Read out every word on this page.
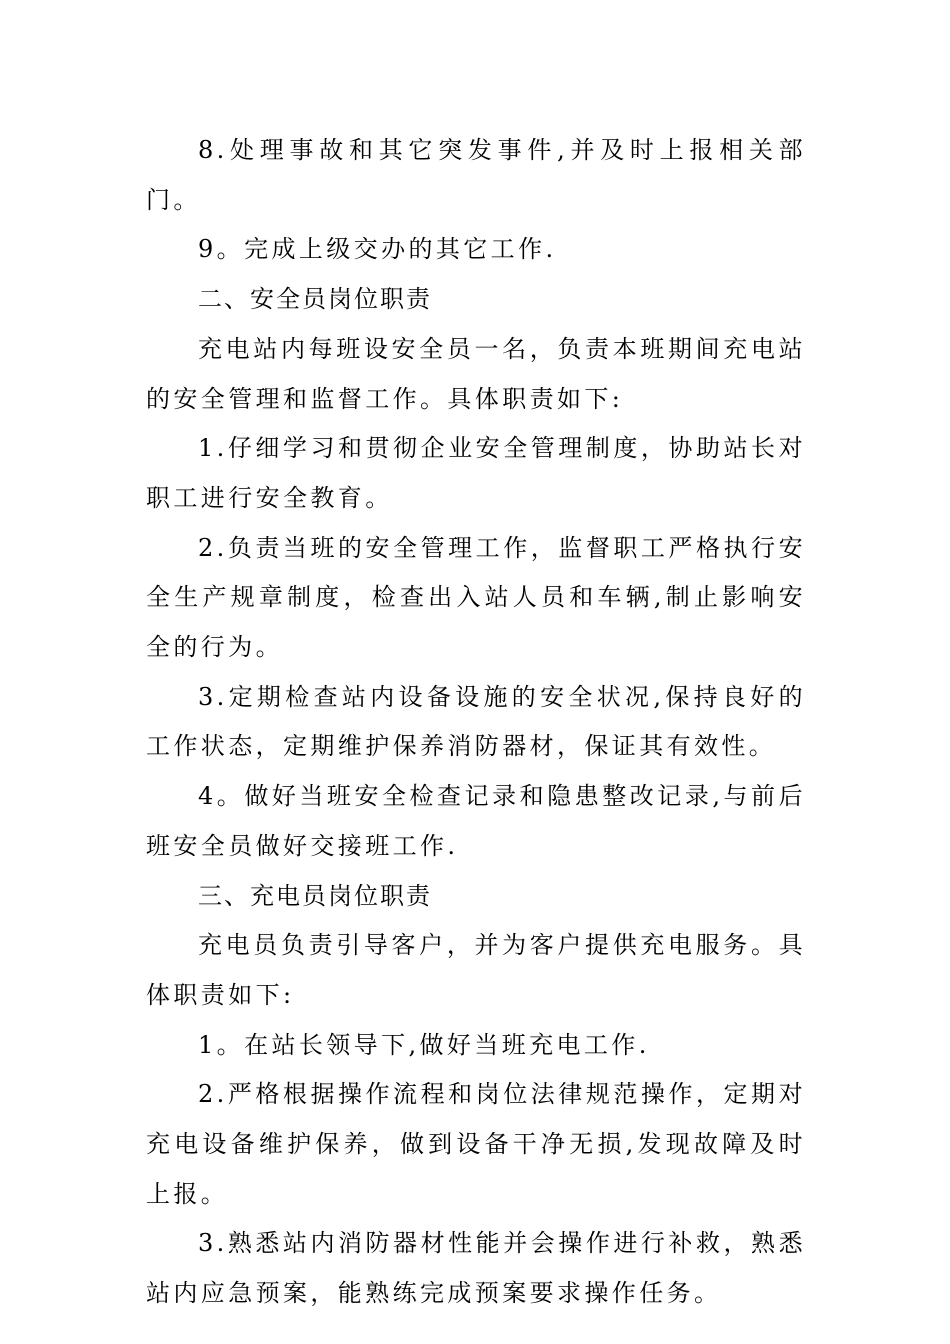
8.处理事故和其它突发事件,并及时上报相关部门。

9。完成上级交办的其它工作.

二、安全员岗位职责

充电站内每班设安全员一名，负责本班期间充电站的安全管理和监督工作。具体职责如下:

1.仔细学习和贯彻企业安全管理制度，协助站长对职工进行安全教育。

2.负责当班的安全管理工作，监督职工严格执行安全生产规章制度，检查出入站人员和车辆,制止影响安全的行为。

3.定期检查站内设备设施的安全状况,保持良好的工作状态，定期维护保养消防器材，保证其有效性。

4。做好当班安全检查记录和隐患整改记录,与前后班安全员做好交接班工作.

三、充电员岗位职责

充电员负责引导客户，并为客户提供充电服务。具体职责如下:

1。在站长领导下,做好当班充电工作.

2.严格根据操作流程和岗位法律规范操作，定期对充电设备维护保养，做到设备干净无损,发现故障及时上报。

3.熟悉站内消防器材性能并会操作进行补救，熟悉站内应急预案，能熟练完成预案要求操作任务。
